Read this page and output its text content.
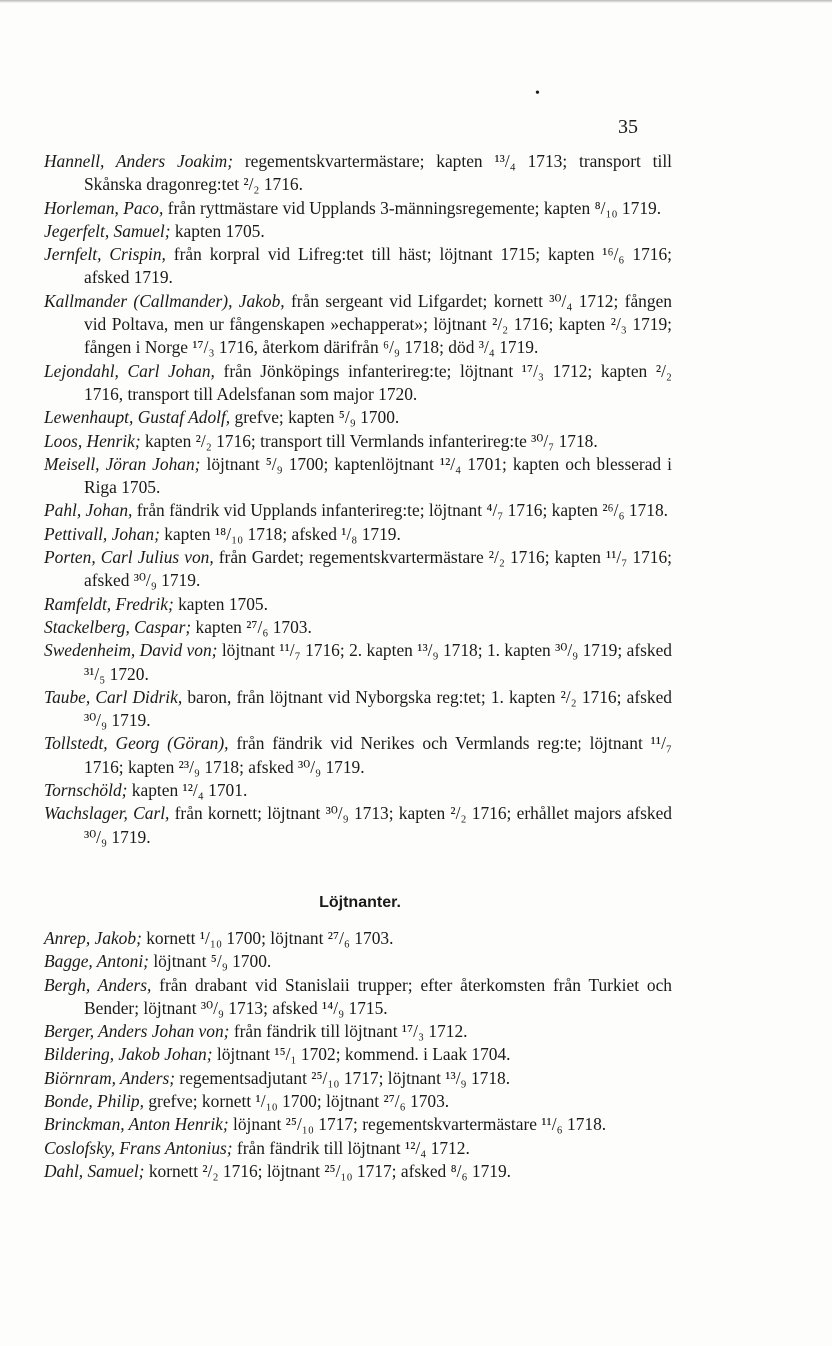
•
35
Hannell, Anders Joakim; regementskvartermästare; kapten ¹³/₄ 1713; transport till Skånska dragonreg:tet ²/₂ 1716.
Horleman, Paco, från ryttmästare vid Upplands 3-männingsregemente; kapten ⁸/₁₀ 1719.
Jegerfelt, Samuel; kapten 1705.
Jernfelt, Crispin, från korpral vid Lifreg:tet till häst; löjtnant 1715; kapten ¹⁶/₆ 1716; afsked 1719.
Kallmander (Callmander), Jakob, från sergeant vid Lifgardet; kornett ³⁰/₄ 1712; fången vid Poltava, men ur fångenskapen »echapperat»; löjtnant ²/₂ 1716; kapten ²/₃ 1719; fången i Norge ¹⁷/₃ 1716, återkom därifrån ⁶/₉ 1718; död ³/₄ 1719.
Lejondahl, Carl Johan, från Jönköpings infanterireg:te; löjtnant ¹⁷/₃ 1712; kapten ²/₂ 1716, transport till Adelsfanan som major 1720.
Lewenhaupt, Gustaf Adolf, grefve; kapten ⁵/₉ 1700.
Loos, Henrik; kapten ²/₂ 1716; transport till Vermlands infanterireg:te ³⁰/₇ 1718.
Meisell, Jöran Johan; löjtnant ⁵/₉ 1700; kaptenlöjtnant ¹²/₄ 1701; kapten och blesserad i Riga 1705.
Pahl, Johan, från fändrik vid Upplands infanterireg:te; löjtnant ⁴/₇ 1716; kapten ²⁶/₆ 1718.
Pettivall, Johan; kapten ¹⁸/₁₀ 1718; afsked ¹/₈ 1719.
Porten, Carl Julius von, från Gardet; regementskvartermästare ²/₂ 1716; kapten ¹¹/₇ 1716; afsked ³⁰/₉ 1719.
Ramfeldt, Fredrik; kapten 1705.
Stackelberg, Caspar; kapten ²⁷/₆ 1703.
Swedenheim, David von; löjtnant ¹¹/₇ 1716; 2. kapten ¹³/₉ 1718; 1. kapten ³⁰/₉ 1719; afsked ³¹/₅ 1720.
Taube, Carl Didrik, baron, från löjtnant vid Nyborgska reg:tet; 1. kapten ²/₂ 1716; afsked ³⁰/₉ 1719.
Tollstedt, Georg (Göran), från fändrik vid Nerikes och Vermlands reg:te; löjtnant ¹¹/₇ 1716; kapten ²³/₉ 1718; afsked ³⁰/₉ 1719.
Tornschöld; kapten ¹²/₄ 1701.
Wachslager, Carl, från kornett; löjtnant ³⁰/₉ 1713; kapten ²/₂ 1716; erhållet majors afsked ³⁰/₉ 1719.
Löjtnanter.
Anrep, Jakob; kornett ¹/₁₀ 1700; löjtnant ²⁷/₆ 1703.
Bagge, Antoni; löjtnant ⁵/₉ 1700.
Bergh, Anders, från drabant vid Stanislaii trupper; efter återkomsten från Turkiet och Bender; löjtnant ³⁰/₉ 1713; afsked ¹⁴/₉ 1715.
Berger, Anders Johan von; från fändrik till löjtnant ¹⁷/₃ 1712.
Bildering, Jakob Johan; löjtnant ¹⁵/₁ 1702; kommend. i Laak 1704.
Biörnram, Anders; regementsadjutant ²⁵/₁₀ 1717; löjtnant ¹³/₉ 1718.
Bonde, Philip, grefve; kornett ¹/₁₀ 1700; löjtnant ²⁷/₆ 1703.
Brinckman, Anton Henrik; löjnant ²⁵/₁₀ 1717; regementskvartermästare ¹¹/₆ 1718.
Coslofsky, Frans Antonius; från fändrik till löjtnant ¹²/₄ 1712.
Dahl, Samuel; kornett ²/₂ 1716; löjtnant ²⁵/₁₀ 1717; afsked ⁸/₆ 1719.
